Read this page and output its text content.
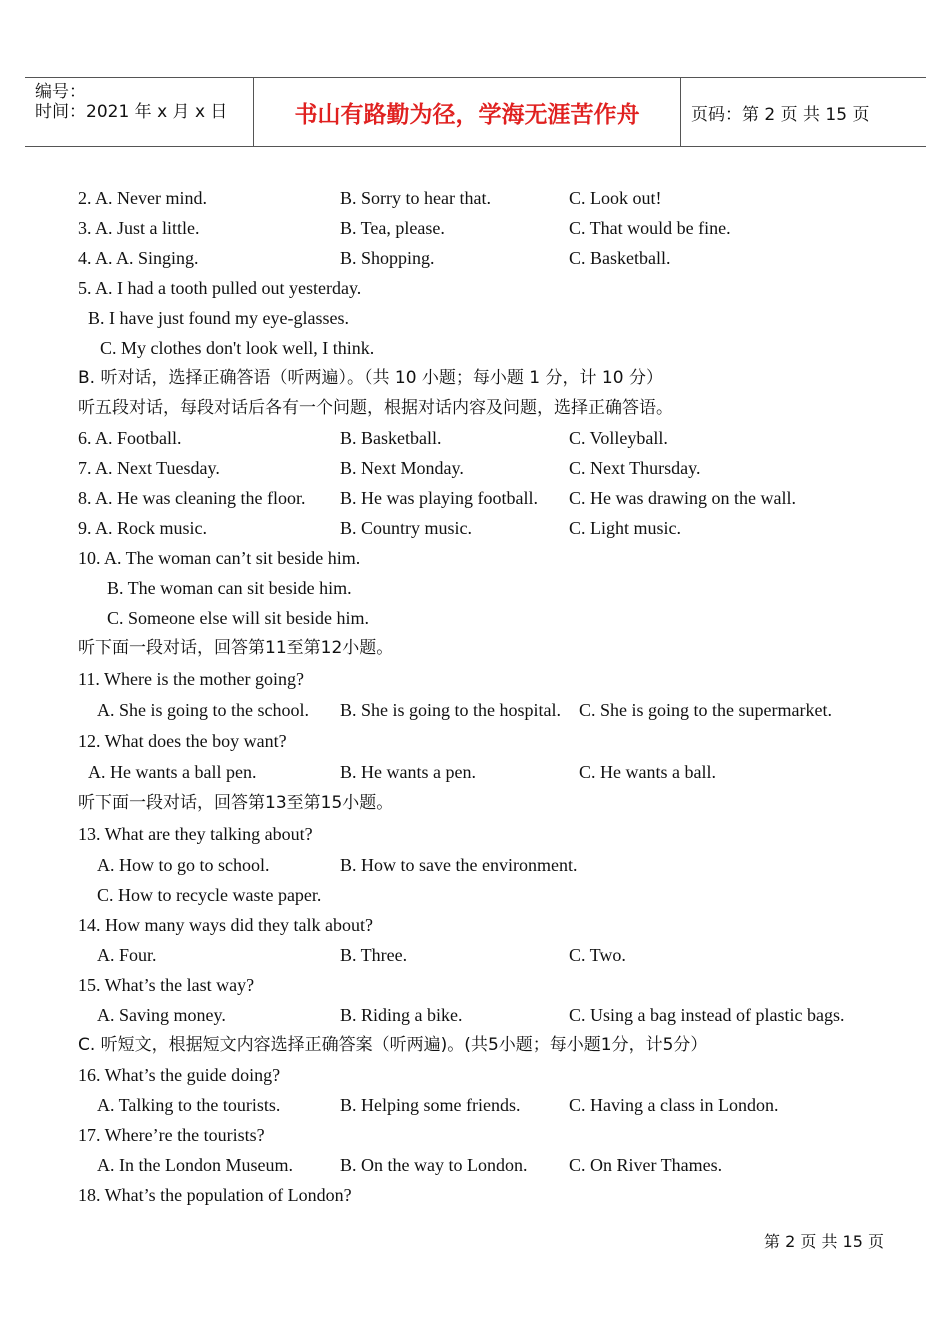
编号：
时间：2021 年 x 月 x 日	书山有路勤为径，学海无涯苦作舟	页码：第 2 页 共 15 页
2. A. Never mind.	B. Sorry to hear that.	C. Look out!
3. A. Just a little.	B. Tea, please.	C. That would be fine.
4. A. A. Singing.	B. Shopping.	C. Basketball.
5. A. I had a tooth pulled out yesterday.
B. I have just found my eye-glasses.
C. My clothes don't look well, I think.
B. 听对话，选择正确答语（听两遍）。（共 10 小题；每小题 1 分，计 10 分）
听五段对话，每段对话后各有一个问题，根据对话内容及问题，选择正确答语。
6. A. Football.	B. Basketball.	C. Volleyball.
7. A. Next Tuesday.	B. Next Monday.	C. Next Thursday.
8. A. He was cleaning the floor. B. He was playing football. C. He was drawing on the wall.
9. A. Rock music.	B. Country music.	C. Light music.
10. A. The woman can’t sit beside him.
B. The woman can sit beside him.
C. Someone else will sit beside him.
听下面一段对话，回答第11至第12小题。
11. Where is the mother going?
A. She is going to the school. B. She is going to the hospital. C. She is going to the supermarket.
12. What does the boy want?
A. He wants a ball pen.	B. He wants a pen.	C. He wants a ball.
听下面一段对话，回答第13至第15小题。
13. What are they talking about?
A. How to go to school.	B. How to save the environment.
C. How to recycle waste paper.
14. How many ways did they talk about?
A. Four.	B. Three.	C. Two.
15. What’s the last way?
A. Saving money.	B. Riding a bike.	C. Using a bag instead of plastic bags.
C. 听短文，根据短文内容选择正确答案（听两遍)。(共5小题；每小题1分，计5分）
16. What’s the guide doing?
A. Talking to the tourists.	B. Helping some friends.	C. Having a class in London.
17. Where’re the tourists?
A. In the London Museum.	B. On the way to London. C. On River Thames.
18. What’s the population of London?
第 2 页 共 15 页
